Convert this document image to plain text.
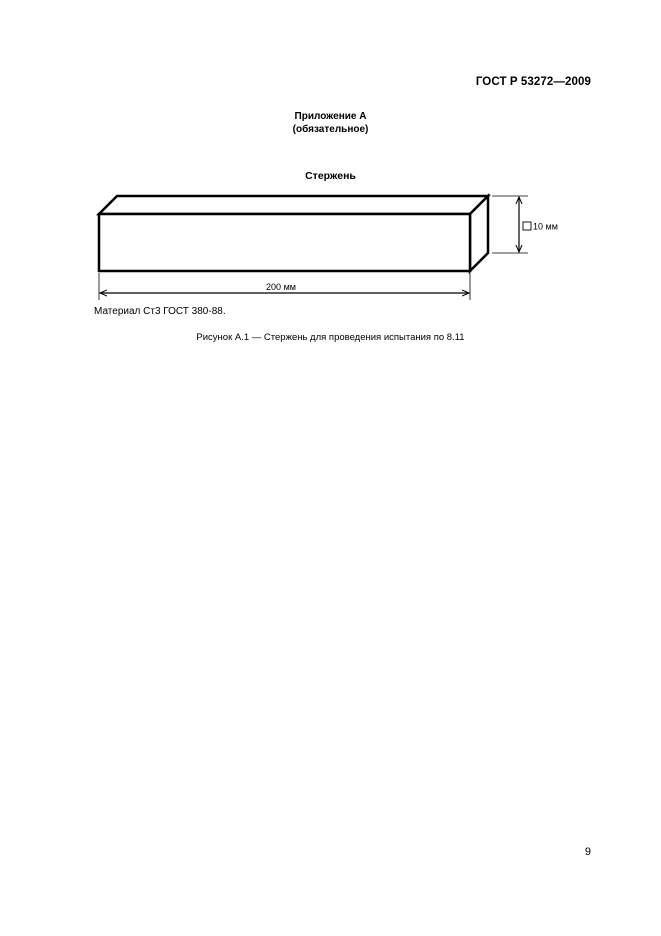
ГОСТ Р 53272—2009
Приложение А
(обязательное)
Стержень
10 мм
200 мм
Материал Ст3 ГОСТ 380-88.
Рисунок А.1 — Стержень для проведения испытания по 8.11
9
